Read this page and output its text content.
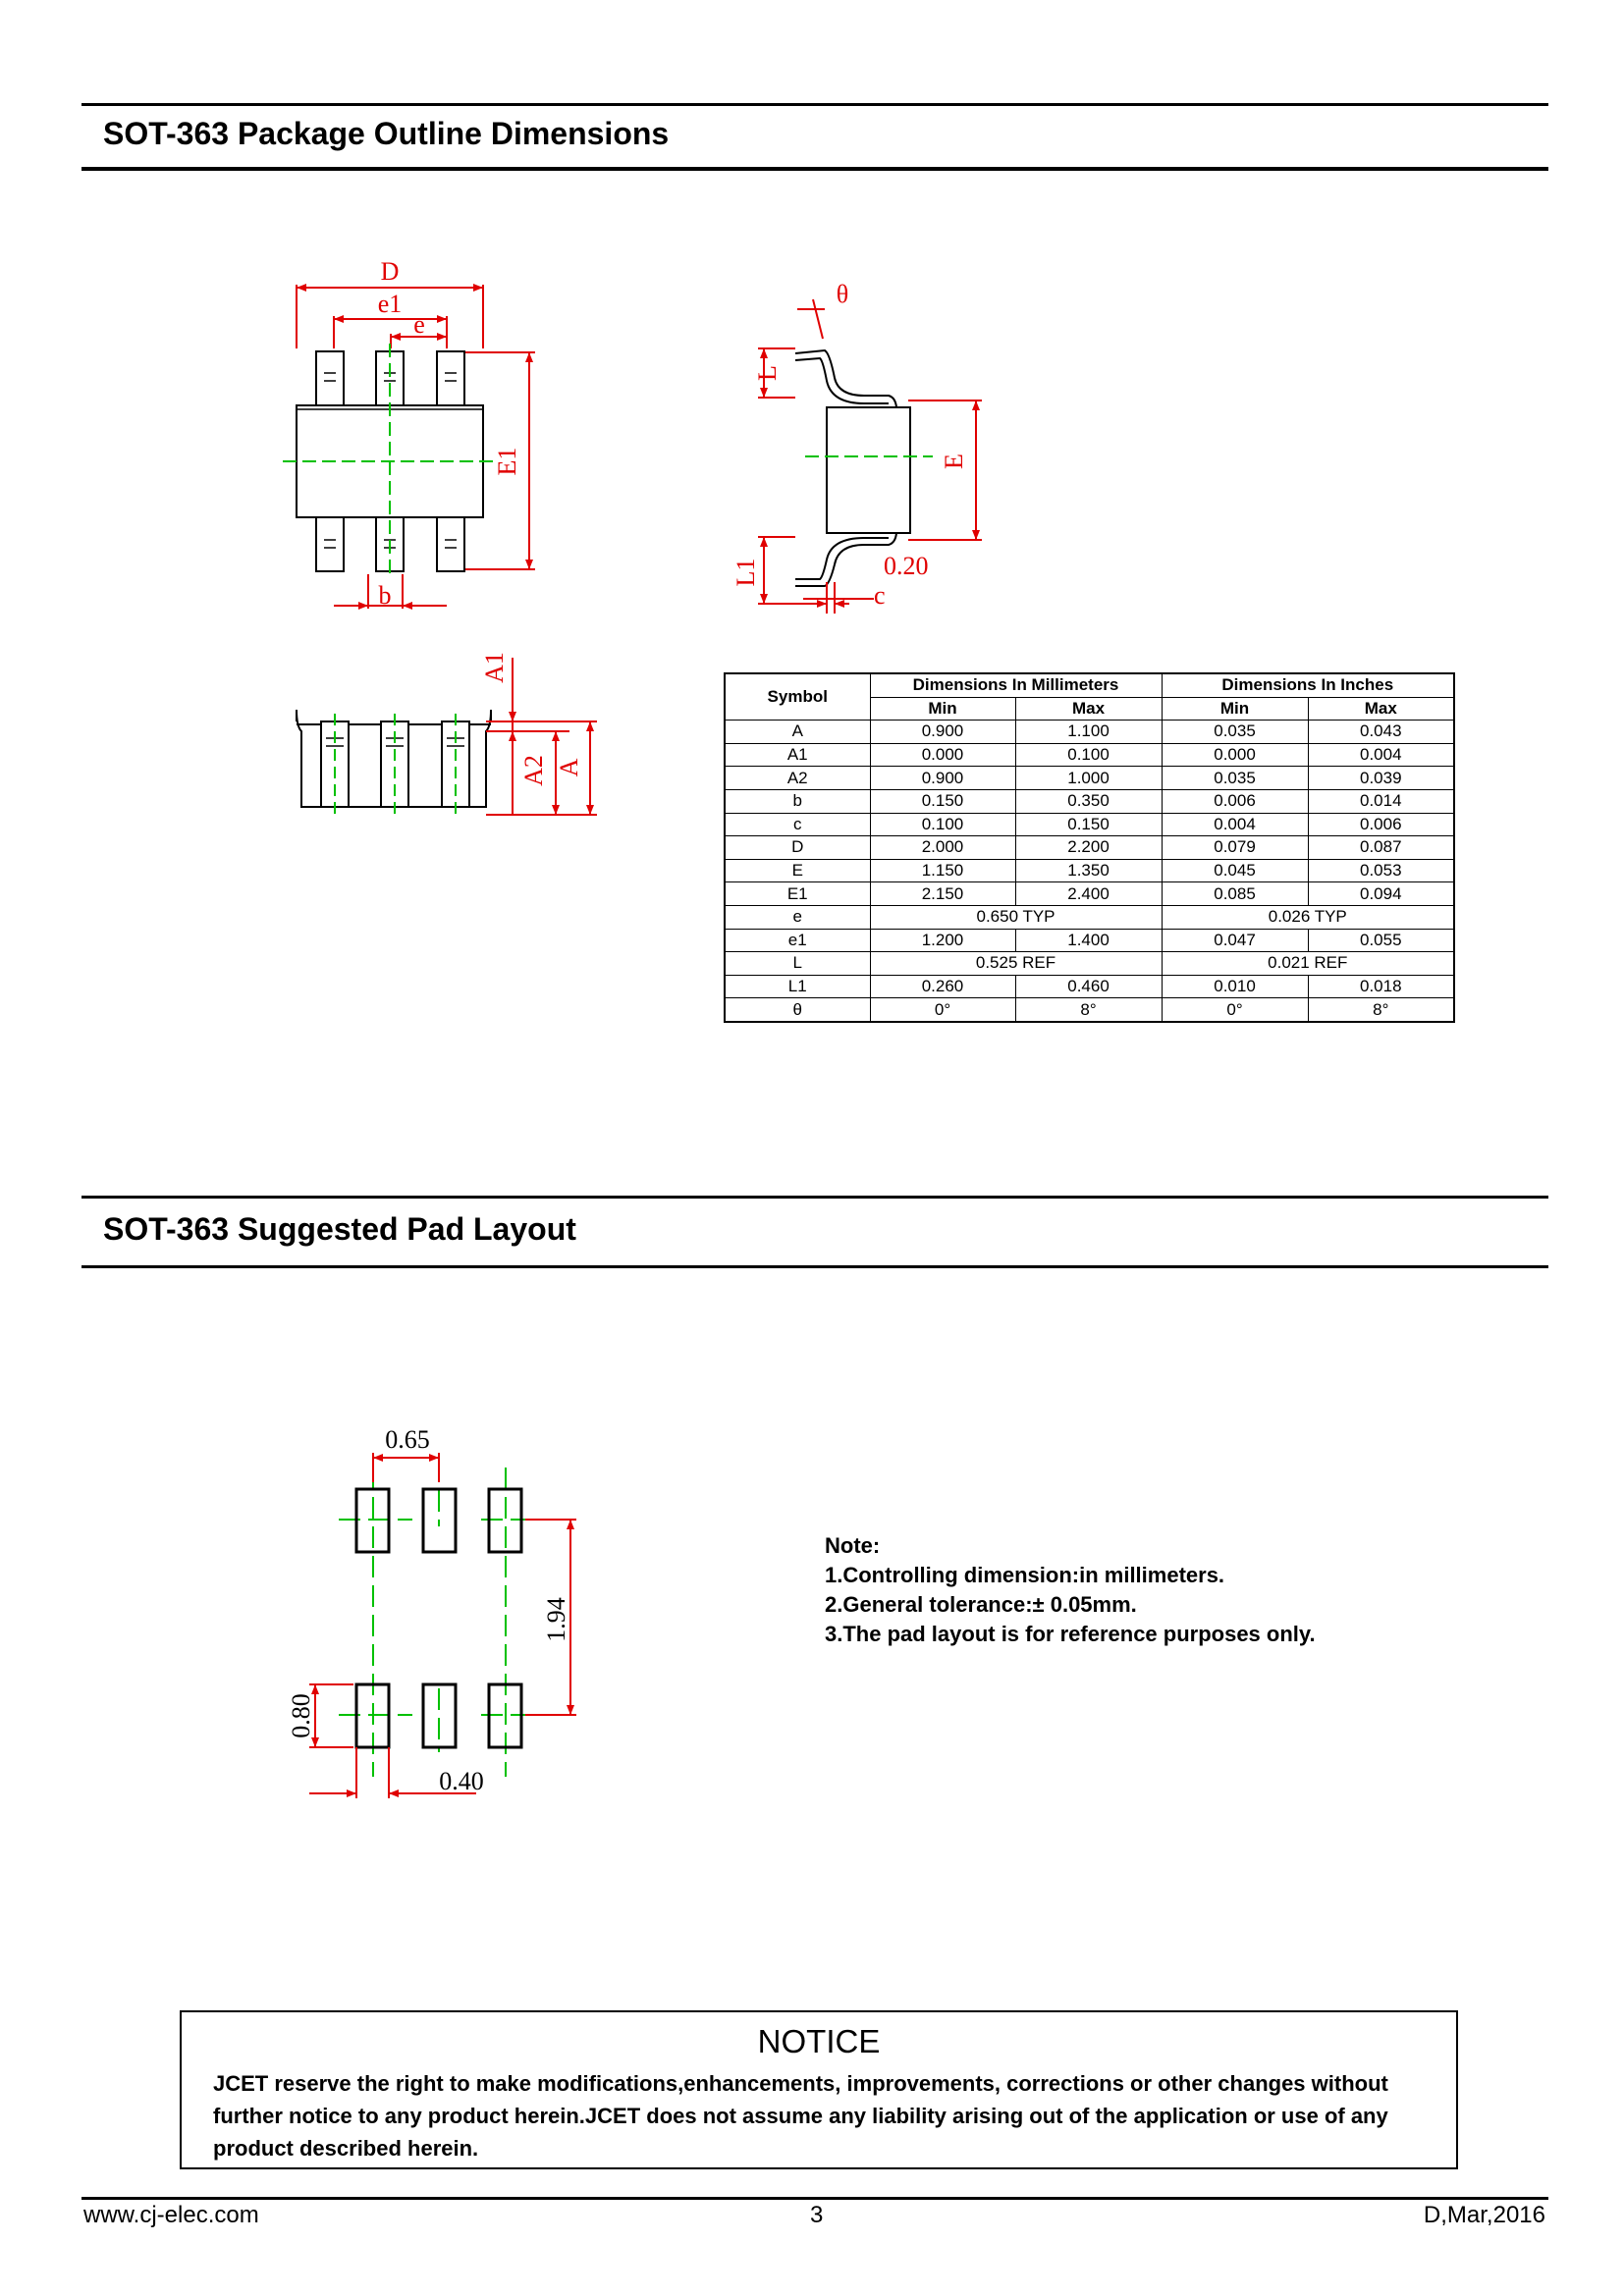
SOT-363 Package Outline Dimensions
D
e1
e
E1
b
θ
L
E
L1	0.20
c
A1
A2 A
Symbol	Dimensions In Millimeters		Dimensions In Inches	
	Min	Max	Min	Max
A	0.900	1.100	0.035	0.043
A1	0.000	0.100	0.000	0.004
A2	0.900	1.000	0.035	0.039
b	0.150	0.350	0.006	0.014
c	0.100	0.150	0.004	0.006
D	2.000	2.200	0.079	0.087
E	1.150	1.350	0.045	0.053
E1	2.150	2.400	0.085	0.094
e	0.650 TYP		0.026 TYP	
e1	1.200	1.400	0.047	0.055
L	0.525 REF		0.021 REF	
L1	0.260	0.460	0.010	0.018
θ	0°	8°	0°	8°
SOT-363 Suggested Pad Layout
0.65
1.94
0.80
0.40
Note:
1.Controlling dimension:in millimeters.
2.General tolerance:± 0.05mm.
3.The pad layout is for reference purposes only.
NOTICE
JCET reserve the right to make modifications,enhancements, improvements, corrections or other changes without further notice to any product herein.JCET does not assume any liability arising out of the application or use of any product described herein.
www.cj-elec.com	3	D,Mar,2016
